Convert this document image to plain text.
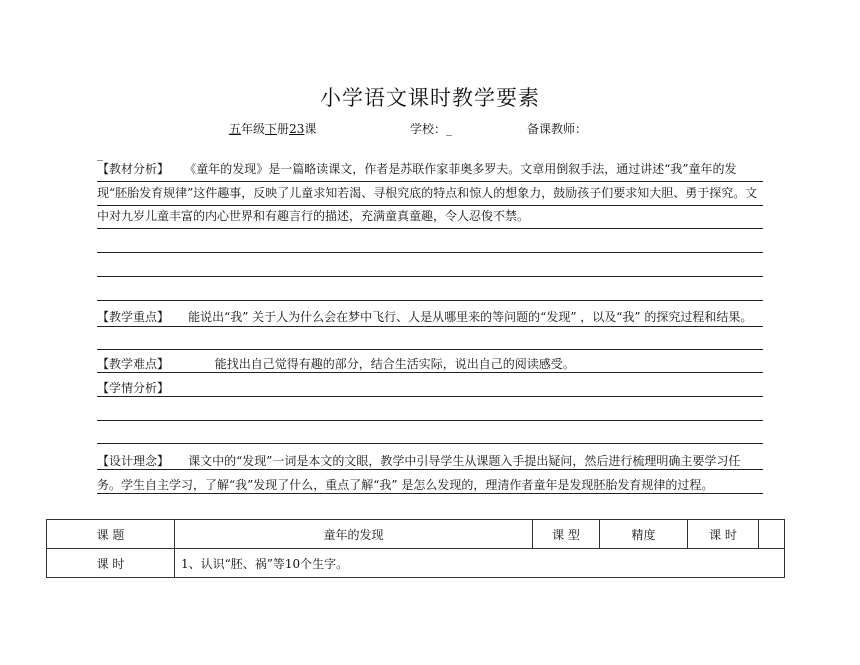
小学语文课时教学要素
五年级下册23课	学校：_	备课教师：
_
【教材分析】 《童年的发现》是一篇略读课文，作者是苏联作家菲奥多罗夫。文章用倒叙手法，通过讲述“我”童年的发现“胚胎发育规律”这件趣事，反映了儿童求知若渴、寻根究底的特点和惊人的想象力，鼓励孩子们要求知大胆、勇于探究。文中对九岁儿童丰富的内心世界和有趣言行的描述，充满童真童趣，令人忍俊不禁。
【教学重点】 能说出“我” 关于人为什么会在梦中飞行、人是从哪里来的等问题的“发现” ，以及“我” 的探究过程和结果。
【教学难点】	能找出自己觉得有趣的部分，结合生活实际，说出自己的阅读感受。
【学情分析】
【设计理念】 课文中的“发现”一词是本文的文眼，教学中引导学生从课题入手提出疑问，然后进行梳理明确主要学习任务。学生自主学习，了解“我”发现了什么，重点了解“我” 是怎么发现的，理清作者童年是发现胚胎发育规律的过程。
课 题	童年的发现	课 型	精度	课 时	
课 时	1、认识“胚、祸”等10个生字。				
